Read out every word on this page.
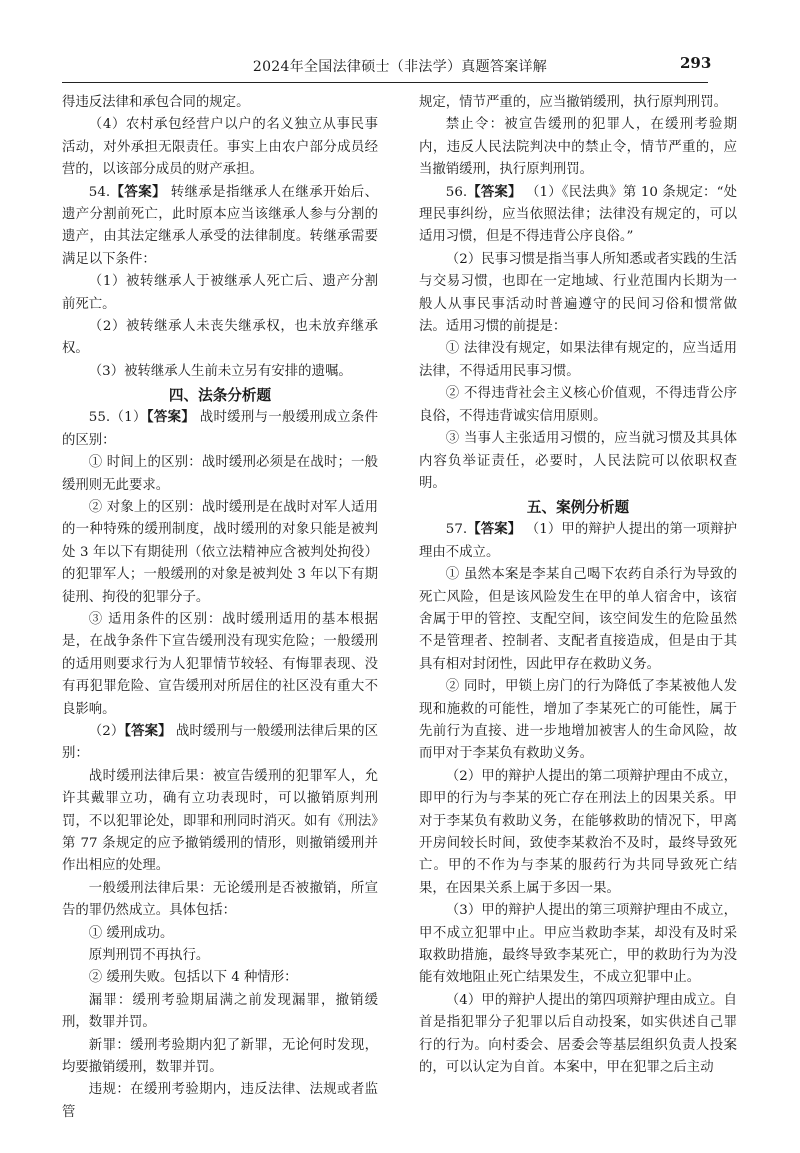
2024年全国法律硕士（非法学）真题答案详解	293

得违反法律和承包合同的规定。

（4）农村承包经营户以户的名义独立从事民事活动，对外承担无限责任。事实上由农户部分成员经营的，以该部分成员的财产承担。

54.【答案】 转继承是指继承人在继承开始后、遗产分割前死亡，此时原本应当该继承人参与分割的遗产，由其法定继承人承受的法律制度。转继承需要满足以下条件：

（1）被转继承人于被继承人死亡后、遗产分割前死亡。

（2）被转继承人未丧失继承权，也未放弃继承权。

（3）被转继承人生前未立另有安排的遗嘱。

四、法条分析题

55.（1）【答案】 战时缓刑与一般缓刑成立条件的区别：

① 时间上的区别：战时缓刑必须是在战时；一般缓刑则无此要求。

② 对象上的区别：战时缓刑是在战时对军人适用的一种特殊的缓刑制度，战时缓刑的对象只能是被判处 3 年以下有期徒刑（依立法精神应含被判处拘役）的犯罪军人；一般缓刑的对象是被判处 3 年以下有期徒刑、拘役的犯罪分子。

③ 适用条件的区别：战时缓刑适用的基本根据是，在战争条件下宣告缓刑没有现实危险；一般缓刑的适用则要求行为人犯罪情节较轻、有悔罪表现、没有再犯罪危险、宣告缓刑对所居住的社区没有重大不良影响。

（2）【答案】 战时缓刑与一般缓刑法律后果的区别：

战时缓刑法律后果：被宣告缓刑的犯罪军人，允许其戴罪立功，确有立功表现时，可以撤销原判刑罚，不以犯罪论处，即罪和刑同时消灭。如有《刑法》第 77 条规定的应予撤销缓刑的情形，则撤销缓刑并作出相应的处理。

一般缓刑法律后果：无论缓刑是否被撤销，所宣告的罪仍然成立。具体包括：

① 缓刑成功。

原判刑罚不再执行。

② 缓刑失败。包括以下 4 种情形：

漏罪：缓刑考验期届满之前发现漏罪，撤销缓刑，数罪并罚。

新罪：缓刑考验期内犯了新罪，无论何时发现，均要撤销缓刑，数罪并罚。

违规：在缓刑考验期内，违反法律、法规或者监管

规定，情节严重的，应当撤销缓刑，执行原判刑罚。

禁止令：被宣告缓刑的犯罪人，在缓刑考验期内，违反人民法院判决中的禁止令，情节严重的，应当撤销缓刑，执行原判刑罚。

56.【答案】 （1）《民法典》第 10 条规定：“处理民事纠纷，应当依照法律；法律没有规定的，可以适用习惯，但是不得违背公序良俗。”

（2）民事习惯是指当事人所知悉或者实践的生活与交易习惯，也即在一定地域、行业范围内长期为一般人从事民事活动时普遍遵守的民间习俗和惯常做法。适用习惯的前提是：

① 法律没有规定，如果法律有规定的，应当适用法律，不得适用民事习惯。

② 不得违背社会主义核心价值观，不得违背公序良俗，不得违背诚实信用原则。

③ 当事人主张适用习惯的，应当就习惯及其具体内容负举证责任，必要时，人民法院可以依职权查明。

五、案例分析题

57.【答案】 （1）甲的辩护人提出的第一项辩护理由不成立。

① 虽然本案是李某自己喝下农药自杀行为导致的死亡风险，但是该风险发生在甲的单人宿舍中，该宿舍属于甲的管控、支配空间，该空间发生的危险虽然不是管理者、控制者、支配者直接造成，但是由于其具有相对封闭性，因此甲存在救助义务。

② 同时，甲锁上房门的行为降低了李某被他人发现和施救的可能性，增加了李某死亡的可能性，属于先前行为直接、进一步地增加被害人的生命风险，故而甲对于李某负有救助义务。

（2）甲的辩护人提出的第二项辩护理由不成立，即甲的行为与李某的死亡存在刑法上的因果关系。甲对于李某负有救助义务，在能够救助的情况下，甲离开房间较长时间，致使李某救治不及时，最终导致死亡。甲的不作为与李某的服药行为共同导致死亡结果，在因果关系上属于多因一果。

（3）甲的辩护人提出的第三项辩护理由不成立，甲不成立犯罪中止。甲应当救助李某，却没有及时采取救助措施，最终导致李某死亡，甲的救助行为为没能有效地阻止死亡结果发生，不成立犯罪中止。

（4）甲的辩护人提出的第四项辩护理由成立。自首是指犯罪分子犯罪以后自动投案，如实供述自己罪行的行为。向村委会、居委会等基层组织负责人投案的，可以认定为自首。本案中，甲在犯罪之后主动
